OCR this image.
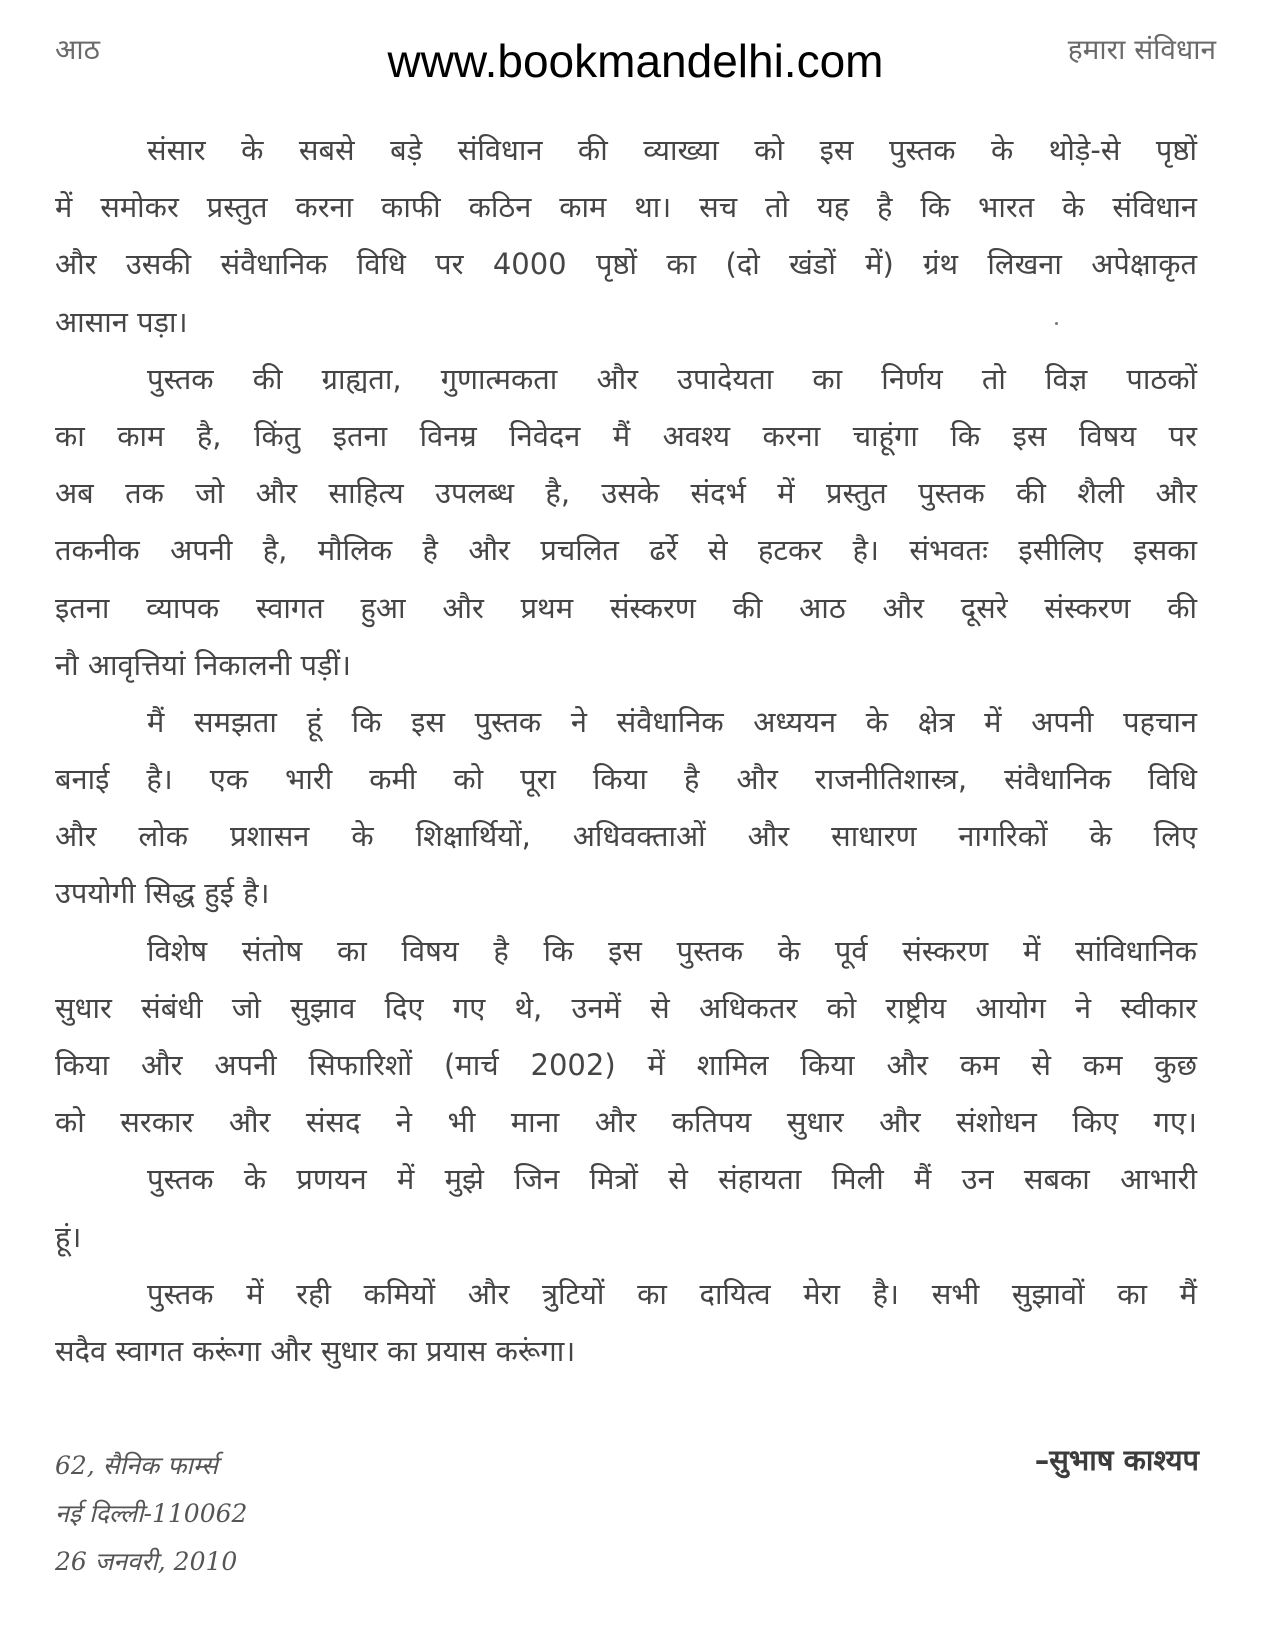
आठ	www.bookmandelhi.com	हमारा संविधान
संसार के सबसे बड़े संविधान की व्याख्या को इस पुस्तक के थोड़े-से पृष्ठों
में समोकर प्रस्तुत करना काफी कठिन काम था। सच तो यह है कि भारत के संविधान
और उसकी संवैधानिक विधि पर 4000 पृष्ठों का (दो खंडों में) ग्रंथ लिखना अपेक्षाकृत
आसान पड़ा।
पुस्तक की ग्राह्यता, गुणात्मकता और उपादेयता का निर्णय तो विज्ञ पाठकों
का काम है, किंतु इतना विनम्र निवेदन मैं अवश्य करना चाहूंगा कि इस विषय पर
अब तक जो और साहित्य उपलब्ध है, उसके संदर्भ में प्रस्तुत पुस्तक की शैली और
तकनीक अपनी है, मौलिक है और प्रचलित ढर्रे से हटकर है। संभवतः इसीलिए इसका
इतना व्यापक स्वागत हुआ और प्रथम संस्करण की आठ और दूसरे संस्करण की
नौ आवृत्तियां निकालनी पड़ीं।
मैं समझता हूं कि इस पुस्तक ने संवैधानिक अध्ययन के क्षेत्र में अपनी पहचान
बनाई है। एक भारी कमी को पूरा किया है और राजनीतिशास्त्र, संवैधानिक विधि
और लोक प्रशासन के शिक्षार्थियों, अधिवक्ताओं और साधारण नागरिकों के लिए
उपयोगी सिद्ध हुई है।
विशेष संतोष का विषय है कि इस पुस्तक के पूर्व संस्करण में सांविधानिक
सुधार संबंधी जो सुझाव दिए गए थे, उनमें से अधिकतर को राष्ट्रीय आयोग ने स्वीकार
किया और अपनी सिफारिशों (मार्च 2002) में शामिल किया और कम से कम कुछ
को सरकार और संसद ने भी माना और कतिपय सुधार और संशोधन किए गए।
पुस्तक के प्रणयन में मुझे जिन मित्रों से संहायता मिली मैं उन सबका आभारी
हूं।
पुस्तक में रही कमियों और त्रुटियों का दायित्व मेरा है। सभी सुझावों का मैं
सदैव स्वागत करूंगा और सुधार का प्रयास करूंगा।
62, सैनिक फार्म्स
नई दिल्ली-110062
26 जनवरी, 2010
–सुभाष काश्यप
